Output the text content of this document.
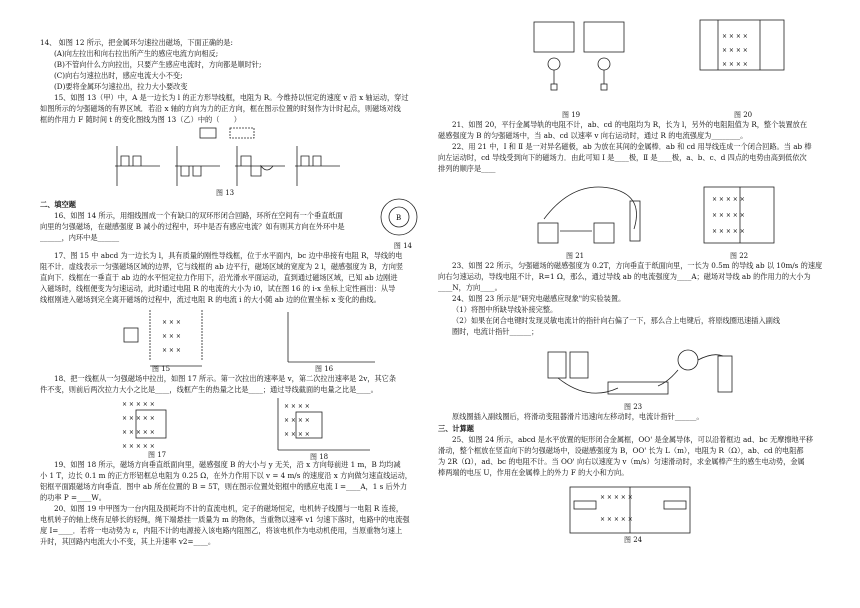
14、 如图 12 所示，把金属环匀速拉出磁场，下面正确的是:

(A)向左拉出和向右拉出所产生的感应电流方向相反;

(B)不管向什么方向拉出，只要产生感应电流时，方向都是顺时针;

(C)向右匀速拉出时，感应电流大小不变;

(D)要将金属环匀速拉出，拉力大小要改变

15、如图 13（甲）中，A 是一边长为 l 的正方形导线框，电阻为 R。今维持以恒定的速度 v 沿 x 轴运动，穿过

如图所示的匀强磁场的有界区域．若沿 x 轴的方向为力的正方向，框在图示位置的时刻作为计时起点，则磁场对线

框的作用力 F 随时间 t 的变化图线为图 13（乙）中的（　　）

图 13

二、填空题

16、如图 14 所示，用细线围成一个有缺口的双环形闭合回路，环所在空间有一个垂直纸面

向里的匀强磁场，在磁感强度 B 减小的过程中，环中是否有感应电流？如有则其方向在外环中是

______，内环中是______

B
图 14

17、图 15 中 abcd 为一边长为 l，具有质量的刚性导线框，位于水平面内，bc 边中串接有电阻 R，导线的电

阻不计．虚线表示一匀强磁场区域的边界，它与线框的 ab 边平行，磁场区域的宽度为 2 l，磁感强度为 B，方向竖

直向下．线框在一垂直于 ab 边的水平恒定拉力作用下，沿光滑水平面运动，直到通过磁场区域，已知 ab 边刚进

入磁场时，线框便变为匀速运动，此时通过电阻 R 的电流的大小为 i0，试在图 16 的 i-x 坐标上定性画出：从导

线框刚进入磁场到完全离开磁场的过程中，流过电阻 R 的电流 i 的大小随 ab 边的位置坐标 x 变化的曲线。

× × ×
× × ×
× × ×
图 15	图 16

18、把一线框从一匀强磁场中拉出，如图 17 所示。第一次拉出的速率是 v，第二次拉出速率是 2v，其它条

件不变，则前后两次拉力大小之比是____，线框产生的热量之比是____；通过导线截面的电量之比是____。

× × × × ×
× × × × ×
× × × × ×
× × × × ×
× × × ×
× × × ×
× × × ×
图 17	图 18

19、如图 18 所示，磁场方向垂直纸面向里，磁感强度 B 的大小与 y 无关，沿 x 方向每前进 1 m，B 均均减

小 1 T，边长 0.1 m 的正方形铝框总电阻为 0.25 Ω，在外力作用下以 v = 4 m/s 的速度沿 x 方向做匀速直线运动，

铝框平面跟磁场方向垂直．图中 ab 所在位置的 B = 5T，则在图示位置处铝框中的感应电流 I =____A，1 s 后外力

的功率 P =____W。

20、如图 19 中甲图为一台内阻及损耗均不计的直流电机，定子的磁场恒定，电机转子线圈与一电阻 R 连接，

电机转子的轴上绕有足够长的轻绳，绳下端悬挂一质量为 m 的物体，当重物以速率 v1 匀速下落时，电路中的电流强

度 I=____．若将一电动势为 ε，内阻不计的电源接入该电路内阻图乙，将该电机作为电动机使用，当原重物匀速上

升时，其回路内电流大小不变，其上升速率 v2=____。

× × × ×
× × × ×
× × × ×
图 19	图 20

21、如图 20，平行金属导轨的电阻不计，ab、cd 的电阻均为 R，长为 l，另外的电阻阻值为 R，整个装置放在

磁感强度为 B 的匀强磁场中，当 ab、cd 以速率 v 向右运动时，通过 R 的电流强度为________。

22、用 21 中，Ⅰ 和 Ⅱ 是一对异名磁极，ab 为放在其间的金属棒．ab 和 cd 用导线连成一个闭合回路。当 ab 棒

向左运动时，cd 导线受到向下的磁场力．由此可知 Ⅰ 是____极，Ⅱ 是____极，a、b、c、d 四点的电势由高到低依次

排列的顺序是____

× × × × ×
× × × × ×
× × × × ×
图 21	图 22

23、如图 22 所示，匀强磁场的磁感强度为 0.2T，方向垂直于纸面向里，一长为 0.5m 的导线 ab 以 10m/s 的速度

向右匀速运动，导线电阻不计，R=1 Ω，那么，通过导线 ab 的电流强度为____A；磁场对导线 ab 的作用力的大小为

____N，方向____。

24、如图 23 所示是"研究电磁感应现象"的实验装置。

（1）将图中所缺导线补接完整。

（2）如果在闭合电键时发现灵敏电流计的指针向右偏了一下，那么合上电键后，将原线圈迅速插入副线

圈时，电流计指针______；

图 23

原线圈插入副线圈后，将滑动变阻器滑片迅速向左移动时，电流计指针______。

三、计算题

25、如图 24 所示，abcd 是水平放置的矩形闭合金属框，OO' 是金属导体，可以沿着框边 ad、bc 无摩擦地平移

滑动，整个框放在竖直向下的匀强磁场中，设磁感强度为 B，OO' 长为 L（m），电阻为 R（Ω），ab、cd 的电阻都

为 2R（Ω），ad、bc 的电阻不计。当 OO' 向右以速度为 v（m/s）匀速滑动时，求金属棒产生的感生电动势，金属

棒两端的电压 U，作用在金属棒上的外力 F 的大小和方向。

× × × × ×
× × × × ×
图 24
